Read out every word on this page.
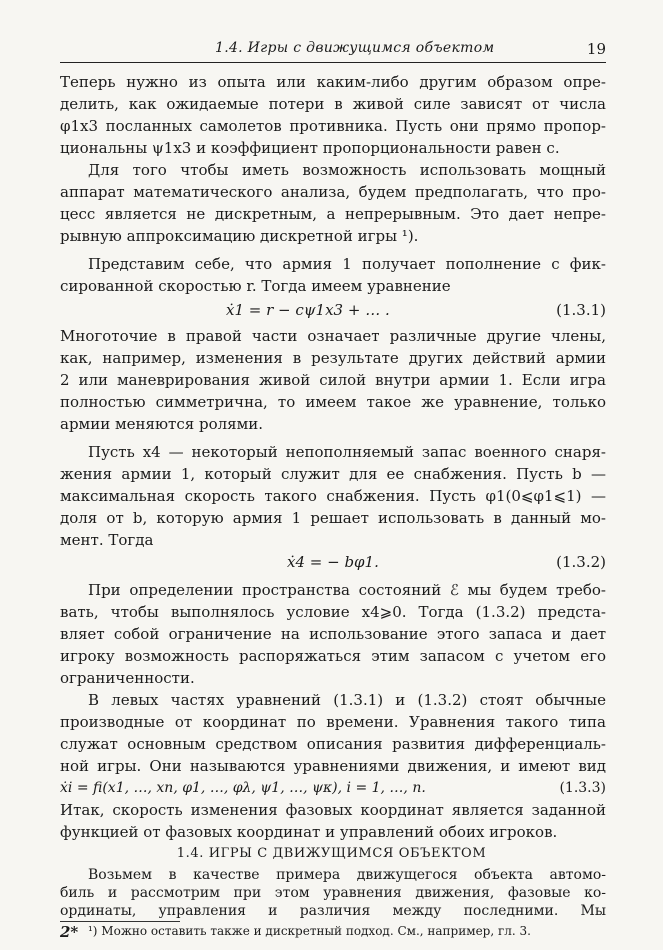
1.4. Игры с движущимся объектом	19
Теперь нужно из опыта или каким-либо другим образом опре-
делить, как ожидаемые потери в живой силе зависят от числа
φ1x3 посланных самолетов противника. Пусть они прямо пропор-
циональны ψ1x3 и коэффициент пропорциональности равен c.
Для того чтобы иметь возможность использовать мощный
аппарат математического анализа, будем предполагать, что про-
цесс является не дискретным, а непрерывным. Это дает непре-
рывную аппроксимацию дискретной игры ¹).
Представим себе, что армия 1 получает пополнение с фик-
сированной скоростью r. Тогда имеем уравнение
ẋ1 = r − cψ1x3 + … .	(1.3.1)
Многоточие в правой части означает различные другие члены,
как, например, изменения в результате других действий армии
2 или маневрирования живой силой внутри армии 1. Если игра
полностью симметрична, то имеем такое же уравнение, только
армии меняются ролями.
Пусть x4 — некоторый непополняемый запас военного снаря-
жения армии 1, который служит для ее снабжения. Пусть b —
максимальная скорость такого снабжения. Пусть φ1(0⩽φ1⩽1) —
доля от b, которую армия 1 решает использовать в данный мо-
мент. Тогда
ẋ4 = − bφ1.	(1.3.2)
При определении пространства состояний ℰ мы будем требо-
вать, чтобы выполнялось условие x4⩾0. Тогда (1.3.2) предста-
вляет собой ограничение на использование этого запаса и дает
игроку возможность распоряжаться этим запасом с учетом его
ограниченности.
В левых частях уравнений (1.3.1) и (1.3.2) стоят обычные
производные от координат по времени. Уравнения такого типа
служат основным средством описания развития дифференциаль-
ной игры. Они называются уравнениями движения, и имеют вид
ẋi = fi(x1, …, xn, φ1, …, φλ, ψ1, …, ψκ), i = 1, …, n.	(1.3.3)
Итак, скорость изменения фазовых координат является заданной
функцией от фазовых координат и управлений обоих игроков.
1.4. ИГРЫ С ДВИЖУЩИМСЯ ОБЪЕКТОМ
Возьмем в качестве примера движущегося объекта автомо-
биль и рассмотрим при этом уравнения движения, фазовые ко-
ординаты, управления и различия между последними. Мы
¹) Можно оставить также и дискретный подход. См., например, гл. 3.
2*
